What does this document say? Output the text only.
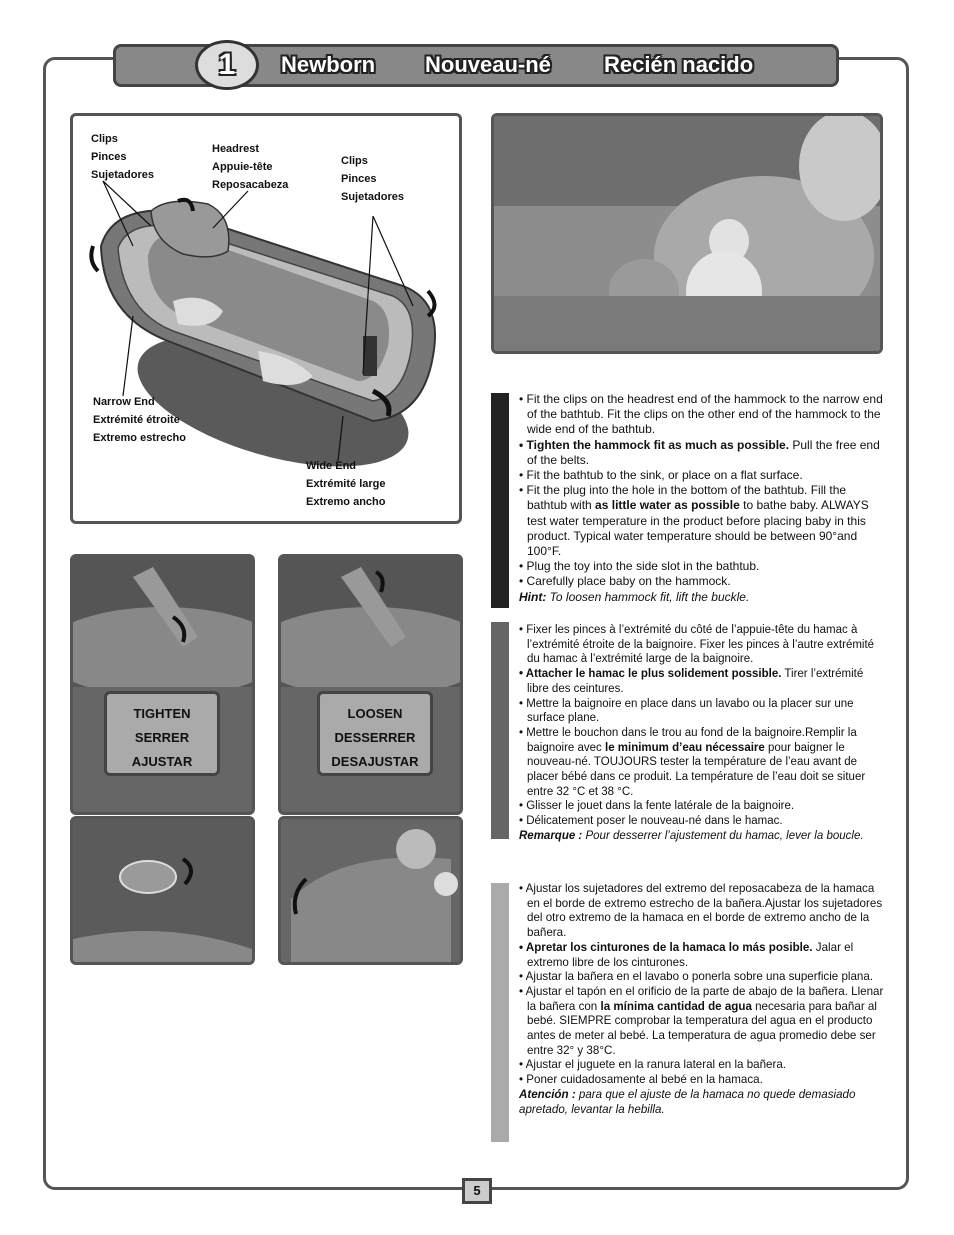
1	Newborn Nouveau-né Recién nacido
Clips
Pinces
Sujetadores
Headrest
Appuie-tête
Reposacabeza
Clips
Pinces
Sujetadores
Narrow End
Extrémité étroite
Extremo estrecho
Wide End
Extrémité large
Extremo ancho
TIGHTEN
SERRER
AJUSTAR
LOOSEN
DESSERRER
DESAJUSTAR

• Fit the clips on the headrest end of the hammock to the narrow end of the bathtub. Fit the clips on the other end of the hammock to the wide end of the bathtub.

• Tighten the hammock fit as much as possible. Pull the free end of the belts.

• Fit the bathtub to the sink, or place on a flat surface.

• Fit the plug into the hole in the bottom of the bathtub. Fill the bathtub with as little water as possible to bathe baby. ALWAYS test water temperature in the product before placing baby in this product. Typical water temperature should be between 90°and 100°F.

• Plug the toy into the side slot in the bathtub.

• Carefully place baby on the hammock.

Hint: To loosen hammock fit, lift the buckle.

• Fixer les pinces à l’extrémité du côté de l’appuie-tête du hamac à l’extrémité étroite de la baignoire. Fixer les pinces à l’autre extrémité du hamac à l’extrémité large de la baignoire.

• Attacher le hamac le plus solidement possible. Tirer l’extrémité libre des ceintures.

• Mettre la baignoire en place dans un lavabo ou la placer sur une surface plane.

• Mettre le bouchon dans le trou au fond de la baignoire.Remplir la baignoire avec le minimum d’eau nécessaire pour baigner le nouveau-né. TOUJOURS tester la température de l’eau avant de placer bébé dans ce produit. La température de l’eau doit se situer entre 32 °C et 38 °C.

• Glisser le jouet dans la fente latérale de la baignoire.

• Délicatement poser le nouveau-né dans le hamac.

Remarque : Pour desserrer l’ajustement du hamac, lever la boucle.

• Ajustar los sujetadores del extremo del reposacabeza de la hamaca en el borde de extremo estrecho de la bañera.Ajustar los sujetadores del otro extremo de la hamaca en el borde de extremo ancho de la bañera.

• Apretar los cinturones de la hamaca lo más posible. Jalar el extremo libre de los cinturones.

• Ajustar la bañera en el lavabo o ponerla sobre una superficie plana.

• Ajustar el tapón en el orificio de la parte de abajo de la bañera. Llenar la bañera con la mínima cantidad de agua necesaria para bañar al bebé. SIEMPRE comprobar la temperatura del agua en el producto antes de meter al bebé. La temperatura de agua promedio debe ser entre 32° y 38°C.

• Ajustar el juguete en la ranura lateral en la bañera.

• Poner cuidadosamente al bebé en la hamaca.

Atención : para que el ajuste de la hamaca no quede demasiado apretado, levantar la hebilla.

5
